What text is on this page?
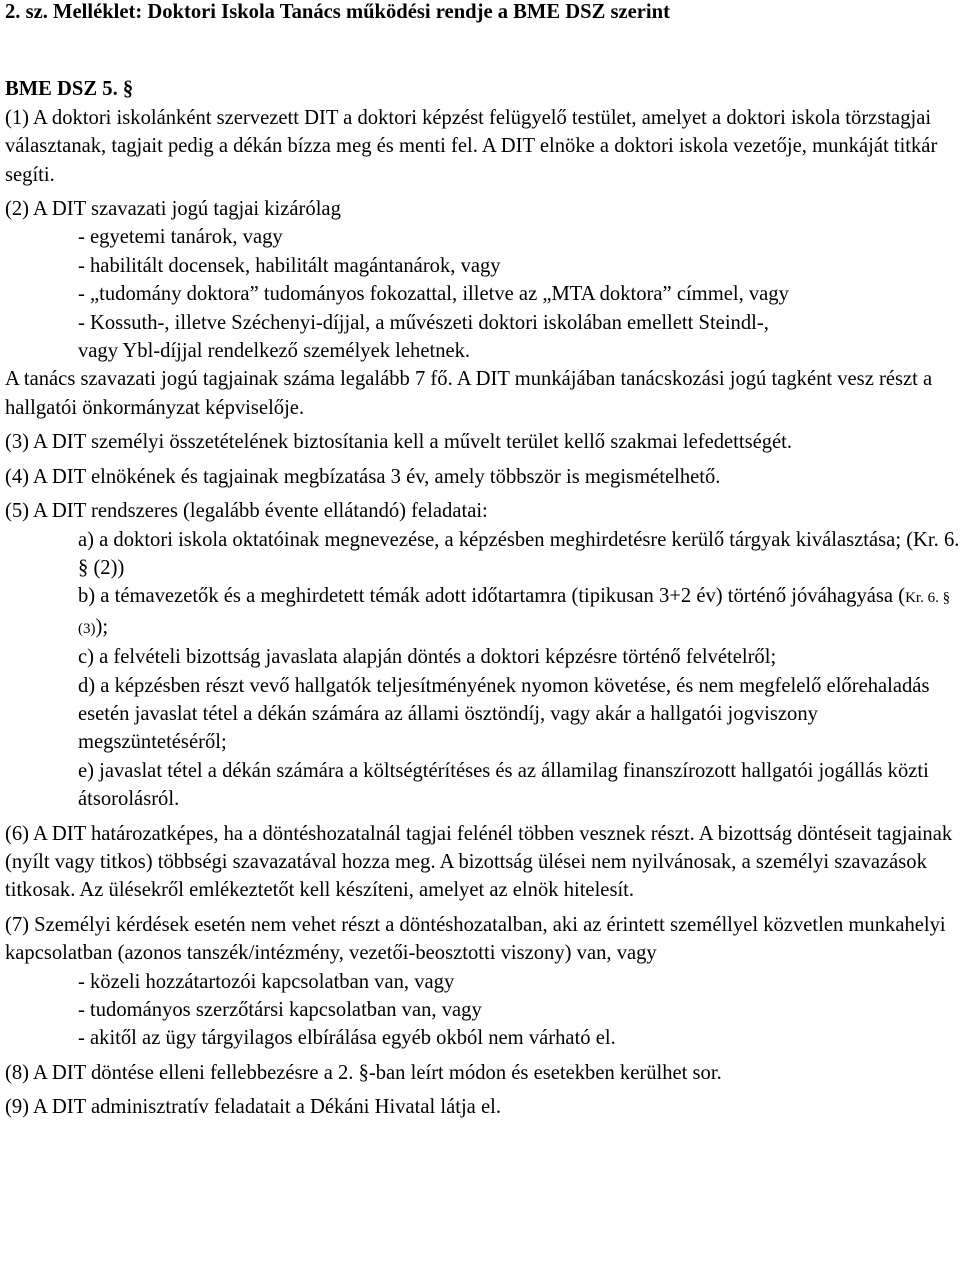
2. sz. Melléklet: Doktori Iskola Tanács működési rendje a BME DSZ szerint

BME DSZ 5. §

(1) A doktori iskolánként szervezett DIT a doktori képzést felügyelő testület, amelyet a doktori iskola törzstagjai választanak, tagjait pedig a dékán bízza meg és menti fel. A DIT elnöke a doktori iskola vezetője, munkáját titkár segíti.

(2) A DIT szavazati jogú tagjai kizárólag

- egyetemi tanárok, vagy

- habilitált docensek, habilitált magántanárok, vagy

- „tudomány doktora” tudományos fokozattal, illetve az „MTA doktora” címmel, vagy

- Kossuth-, illetve Széchenyi-díjjal, a művészeti doktori iskolában emellett Steindl-,

vagy Ybl-díjjal rendelkező személyek lehetnek.

A tanács szavazati jogú tagjainak száma legalább 7 fő. A DIT munkájában tanácskozási jogú tagként vesz részt a hallgatói önkormányzat képviselője.

(3) A DIT személyi összetételének biztosítania kell a művelt terület kellő szakmai lefedettségét.

(4) A DIT elnökének és tagjainak megbízatása 3 év, amely többször is megismételhető.

(5) A DIT rendszeres (legalább évente ellátandó) feladatai:

a) a doktori iskola oktatóinak megnevezése, a képzésben meghirdetésre kerülő tárgyak kiválasztása; (Kr. 6. § (2))

b) a témavezetők és a meghirdetett témák adott időtartamra (tipikusan 3+2 év) történő jóváhagyása (Kr. 6. § (3));

c) a felvételi bizottság javaslata alapján döntés a doktori képzésre történő felvételről;

d) a képzésben részt vevő hallgatók teljesítményének nyomon követése, és nem megfelelő előrehaladás esetén javaslat tétel a dékán számára az állami ösztöndíj, vagy akár a hallgatói jogviszony megszüntetéséről;

e) javaslat tétel a dékán számára a költségtérítéses és az államilag finanszírozott hallgatói jogállás közti átsorolásról.

(6) A DIT határozatképes, ha a döntéshozatalnál tagjai felénél többen vesznek részt. A bizottság döntéseit tagjainak (nyílt vagy titkos) többségi szavazatával hozza meg. A bizottság ülései nem nyilvánosak, a személyi szavazások titkosak. Az ülésekről emlékeztetőt kell készíteni, amelyet az elnök hitelesít.

(7) Személyi kérdések esetén nem vehet részt a döntéshozatalban, aki az érintett személlyel közvetlen munkahelyi kapcsolatban (azonos tanszék/intézmény, vezetői-beosztotti viszony) van, vagy

- közeli hozzátartozói kapcsolatban van, vagy

- tudományos szerzőtársi kapcsolatban van, vagy

- akitől az ügy tárgyilagos elbírálása egyéb okból nem várható el.

(8) A DIT döntése elleni fellebbezésre a 2. §-ban leírt módon és esetekben kerülhet sor.

(9) A DIT adminisztratív feladatait a Dékáni Hivatal látja el.
